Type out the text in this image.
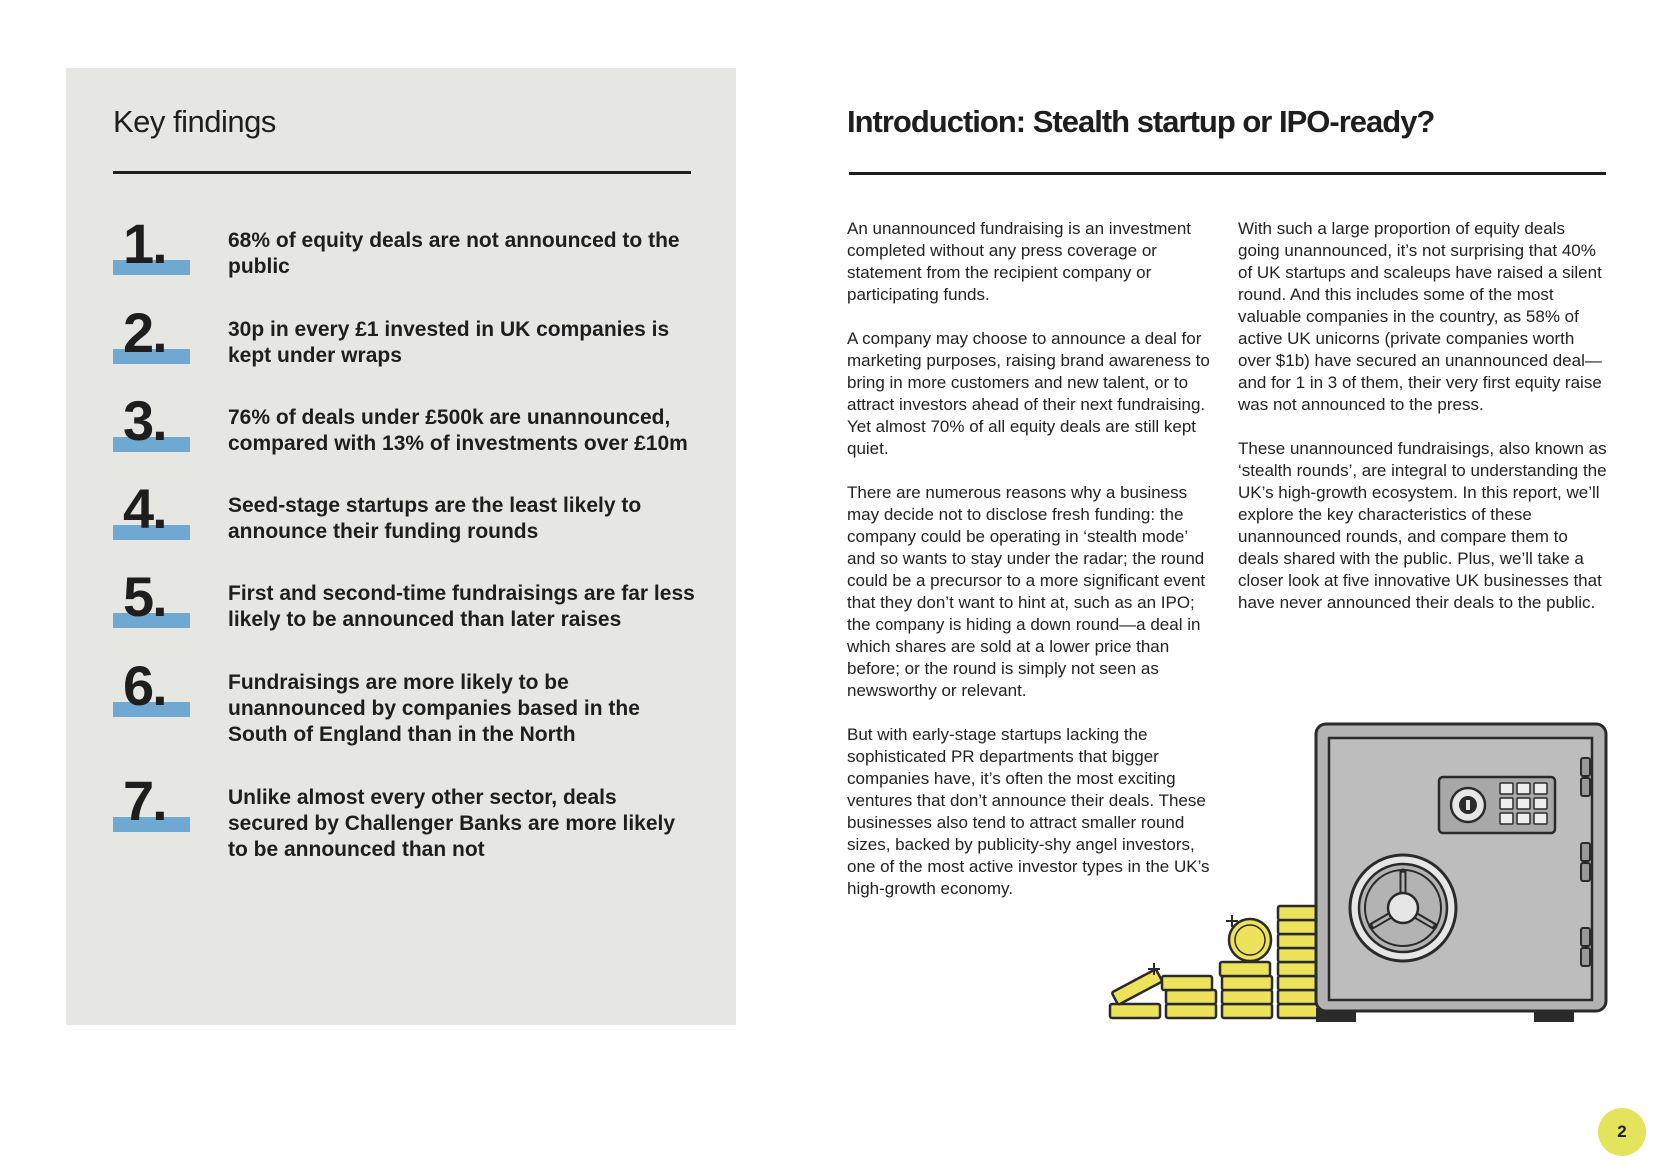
Key findings
1.	68% of equity deals are not announced to the public
2.	30p in every £1 invested in UK companies is kept under wraps
3.	76% of deals under £500k are unannounced, compared with 13% of investments over £10m
4.	Seed-stage startups are the least likely to announce their funding rounds
5.	First and second-time fundraisings are far less likely to be announced than later raises
6.	Fundraisings are more likely to be unannounced by companies based in the South of England than in the North
7.	Unlike almost every other sector, deals secured by Challenger Banks are more likely to be announced than not
Introduction: Stealth startup or IPO-ready?

An unannounced fundraising is an investment completed without any press coverage or statement from the recipient company or participating funds.

A company may choose to announce a deal for marketing purposes, raising brand awareness to bring in more customers and new talent, or to attract investors ahead of their next fundraising. Yet almost 70% of all equity deals are still kept quiet.

There are numerous reasons why a business may decide not to disclose fresh funding: the company could be operating in ‘stealth mode’ and so wants to stay under the radar; the round could be a precursor to a more significant event that they don’t want to hint at, such as an IPO; the company is hiding a down round—a deal in which shares are sold at a lower price than before; or the round is simply not seen as newsworthy or relevant.

But with early-stage startups lacking the sophisticated PR departments that bigger companies have, it’s often the most exciting ventures that don’t announce their deals. These businesses also tend to attract smaller round sizes, backed by publicity-shy angel investors, one of the most active investor types in the UK’s high-growth economy.

With such a large proportion of equity deals going unannounced, it’s not surprising that 40% of UK startups and scaleups have raised a silent round. And this includes some of the most valuable companies in the country, as 58% of active UK unicorns (private companies worth over $1b) have secured an unannounced deal—and for 1 in 3 of them, their very first equity raise was not announced to the press.

These unannounced fundraisings, also known as ‘stealth rounds’, are integral to understanding the UK’s high-growth ecosystem. In this report, we’ll explore the key characteristics of these unannounced rounds, and compare them to deals shared with the public. Plus, we’ll take a closer look at five innovative UK businesses that have never announced their deals to the public.

2
